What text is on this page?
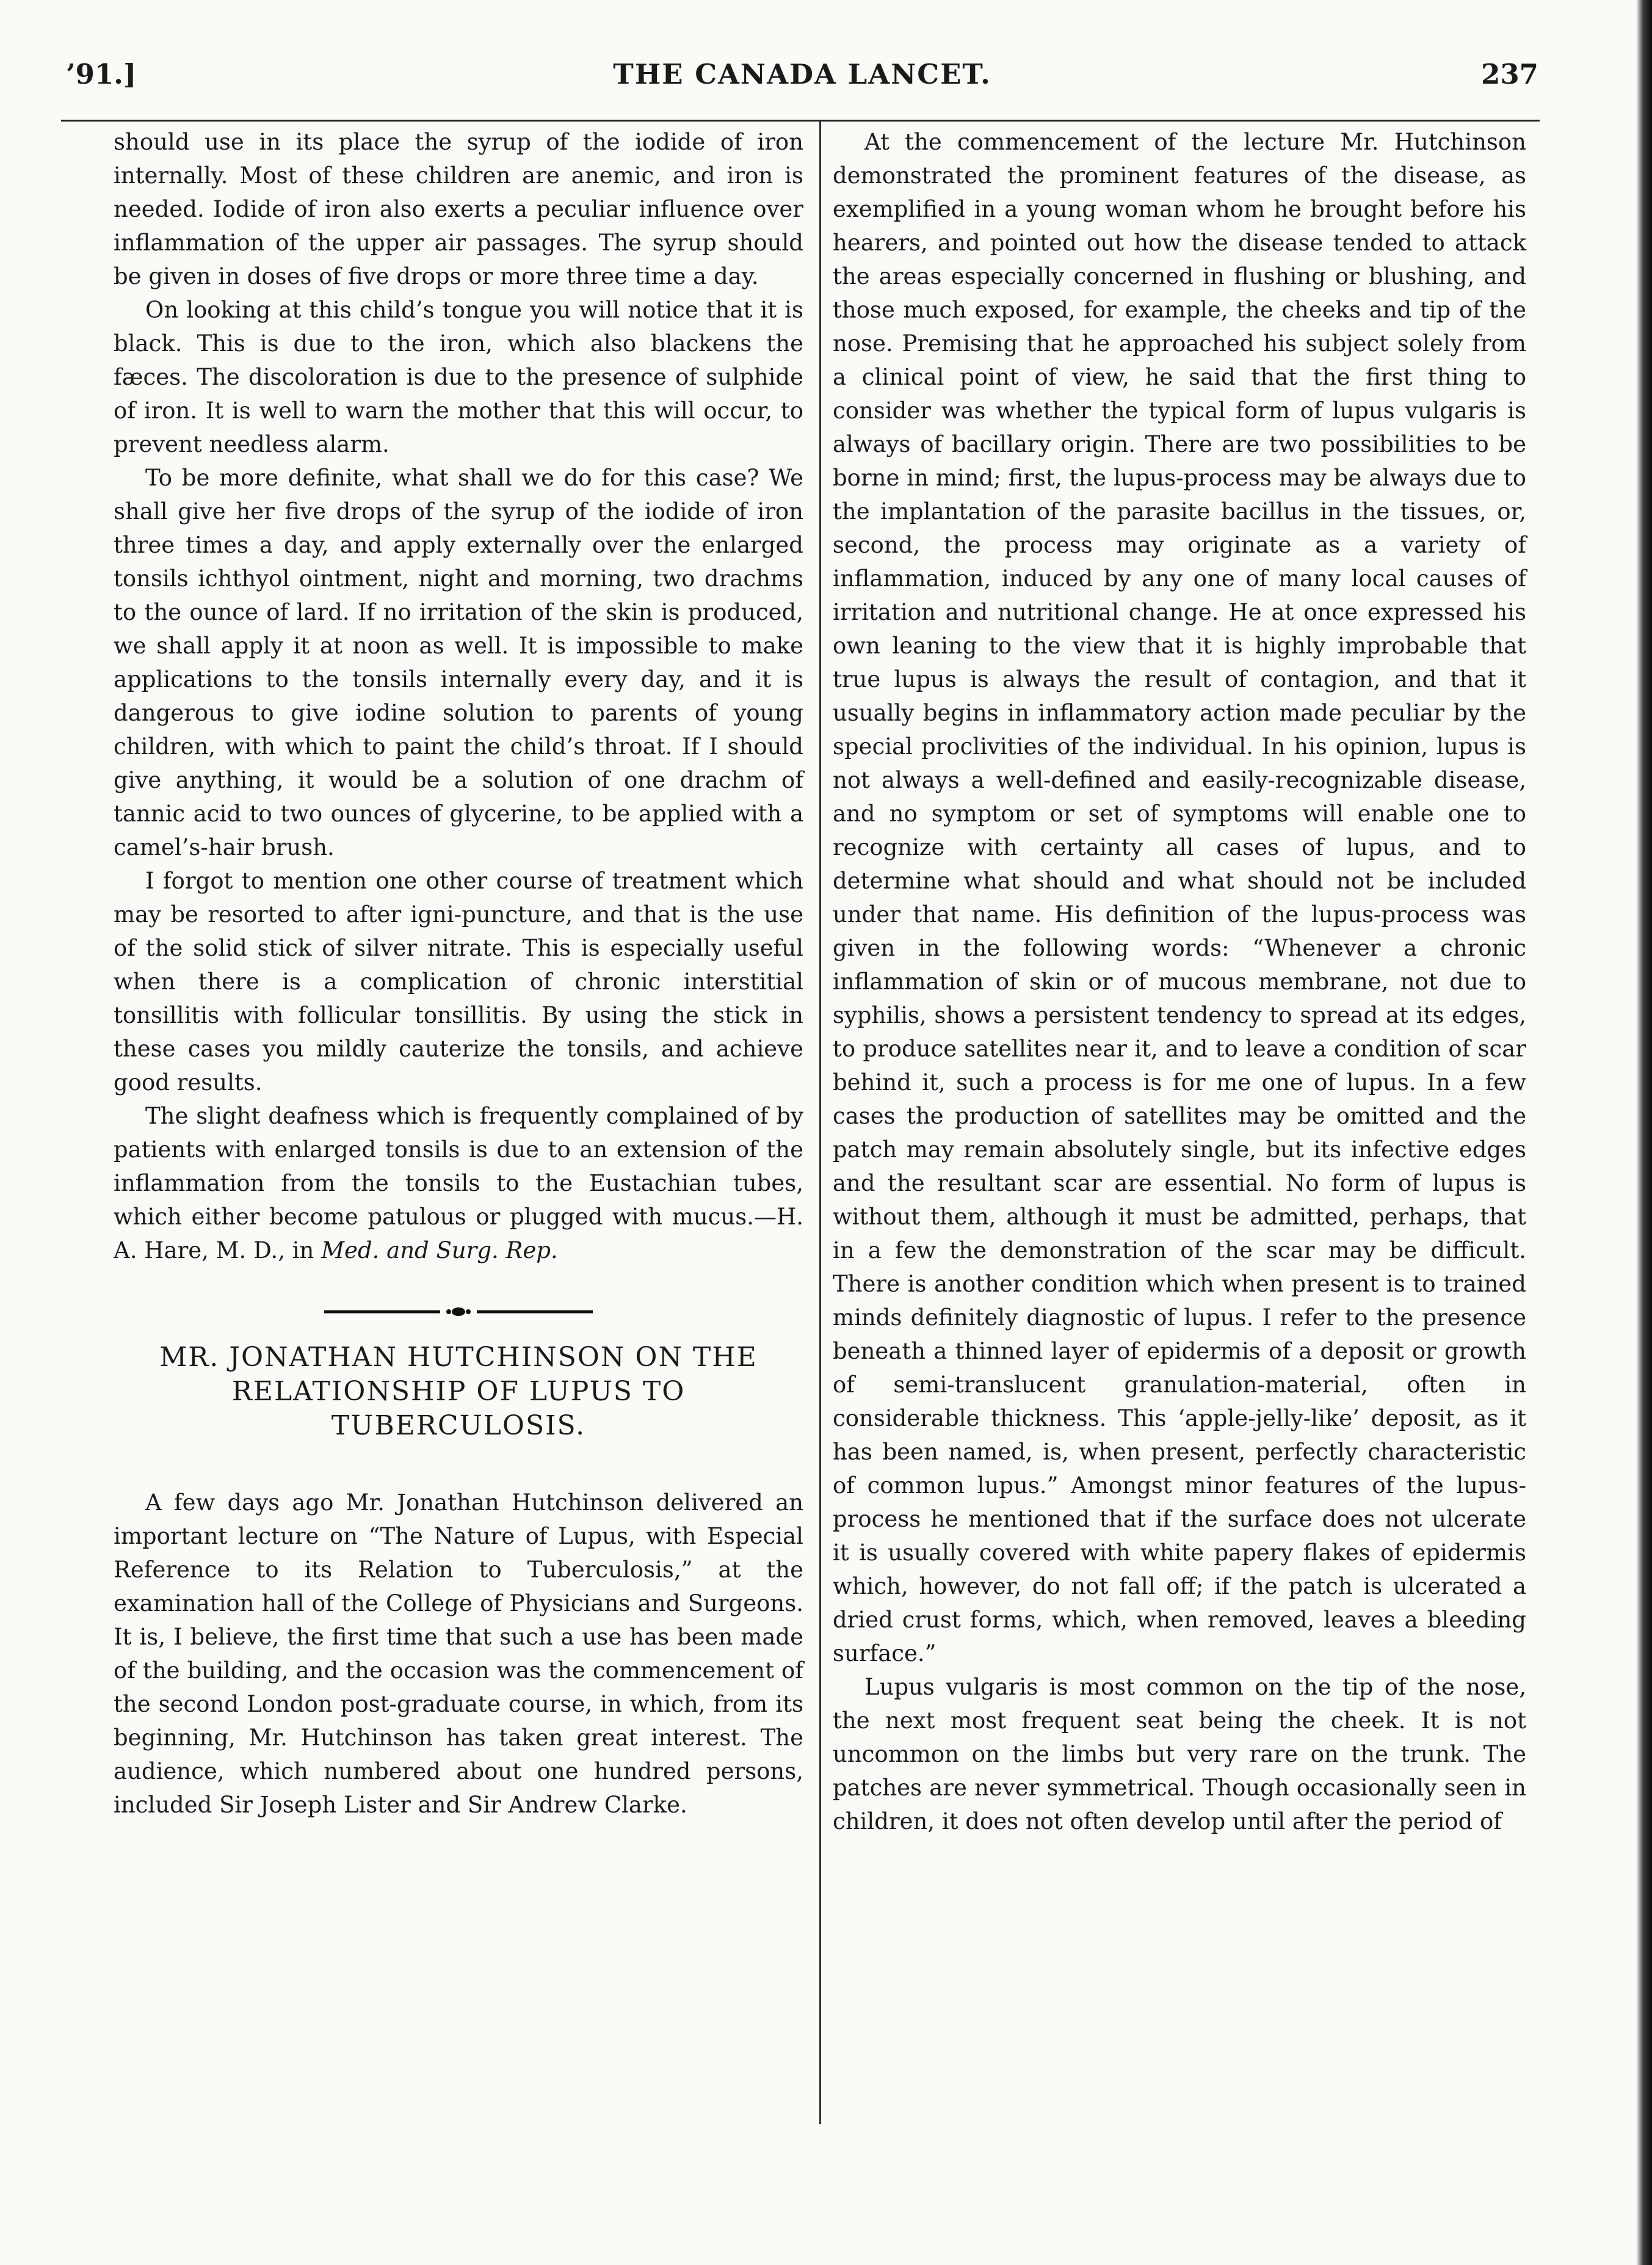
’91.]	THE CANADA LANCET.	237

should use in its place the syrup of the iodide of iron internally. Most of these children are anemic, and iron is needed. Iodide of iron also exerts a peculiar influence over inflammation of the upper air passages. The syrup should be given in doses of five drops or more three time a day.

On looking at this child’s tongue you will notice that it is black. This is due to the iron, which also blackens the fæces. The discoloration is due to the presence of sulphide of iron. It is well to warn the mother that this will occur, to prevent needless alarm.

To be more definite, what shall we do for this case? We shall give her five drops of the syrup of the iodide of iron three times a day, and apply externally over the enlarged tonsils ichthyol ointment, night and morning, two drachms to the ounce of lard. If no irritation of the skin is produced, we shall apply it at noon as well. It is impossible to make applications to the tonsils internally every day, and it is dangerous to give iodine solution to parents of young children, with which to paint the child’s throat. If I should give anything, it would be a solution of one drachm of tannic acid to two ounces of glycerine, to be applied with a camel’s-hair brush.

I forgot to mention one other course of treatment which may be resorted to after igni-puncture, and that is the use of the solid stick of silver nitrate. This is especially useful when there is a complication of chronic interstitial tonsillitis with follicular tonsillitis. By using the stick in these cases you mildly cauterize the tonsils, and achieve good results.

The slight deafness which is frequently complained of by patients with enlarged tonsils is due to an extension of the inflammation from the tonsils to the Eustachian tubes, which either become patulous or plugged with mucus.—H. A. Hare, M. D., in Med. and Surg. Rep.

MR. JONATHAN HUTCHINSON ON THE RELATIONSHIP OF LUPUS TO TUBERCULOSIS.

A few days ago Mr. Jonathan Hutchinson delivered an important lecture on “The Nature of Lupus, with Especial Reference to its Relation to Tuberculosis,” at the examination hall of the College of Physicians and Surgeons. It is, I believe, the first time that such a use has been made of the building, and the occasion was the commencement of the second London post-graduate course, in which, from its beginning, Mr. Hutchinson has taken great interest. The audience, which numbered about one hundred persons, included Sir Joseph Lister and Sir Andrew Clarke.

At the commencement of the lecture Mr. Hutchinson demonstrated the prominent features of the disease, as exemplified in a young woman whom he brought before his hearers, and pointed out how the disease tended to attack the areas especially concerned in flushing or blushing, and those much exposed, for example, the cheeks and tip of the nose. Premising that he approached his subject solely from a clinical point of view, he said that the first thing to consider was whether the typical form of lupus vulgaris is always of bacillary origin. There are two possibilities to be borne in mind; first, the lupus-process may be always due to the implantation of the parasite bacillus in the tissues, or, second, the process may originate as a variety of inflammation, induced by any one of many local causes of irritation and nutritional change. He at once expressed his own leaning to the view that it is highly improbable that true lupus is always the result of contagion, and that it usually begins in inflammatory action made peculiar by the special proclivities of the individual. In his opinion, lupus is not always a well-defined and easily-recognizable disease, and no symptom or set of symptoms will enable one to recognize with certainty all cases of lupus, and to determine what should and what should not be included under that name. His definition of the lupus-process was given in the following words: “Whenever a chronic inflammation of skin or of mucous membrane, not due to syphilis, shows a persistent tendency to spread at its edges, to produce satellites near it, and to leave a condition of scar behind it, such a process is for me one of lupus. In a few cases the production of satellites may be omitted and the patch may remain absolutely single, but its infective edges and the resultant scar are essential. No form of lupus is without them, although it must be admitted, perhaps, that in a few the demonstration of the scar may be difficult. There is another condition which when present is to trained minds definitely diagnostic of lupus. I refer to the presence beneath a thinned layer of epidermis of a deposit or growth of semi-translucent granulation-material, often in considerable thickness. This ‘apple-jelly-like’ deposit, as it has been named, is, when present, perfectly characteristic of common lupus.” Amongst minor features of the lupus-process he mentioned that if the surface does not ulcerate it is usually covered with white papery flakes of epidermis which, however, do not fall off; if the patch is ulcerated a dried crust forms, which, when removed, leaves a bleeding surface.”

Lupus vulgaris is most common on the tip of the nose, the next most frequent seat being the cheek. It is not uncommon on the limbs but very rare on the trunk. The patches are never symmetrical. Though occasionally seen in children, it does not often develop until after the period of
